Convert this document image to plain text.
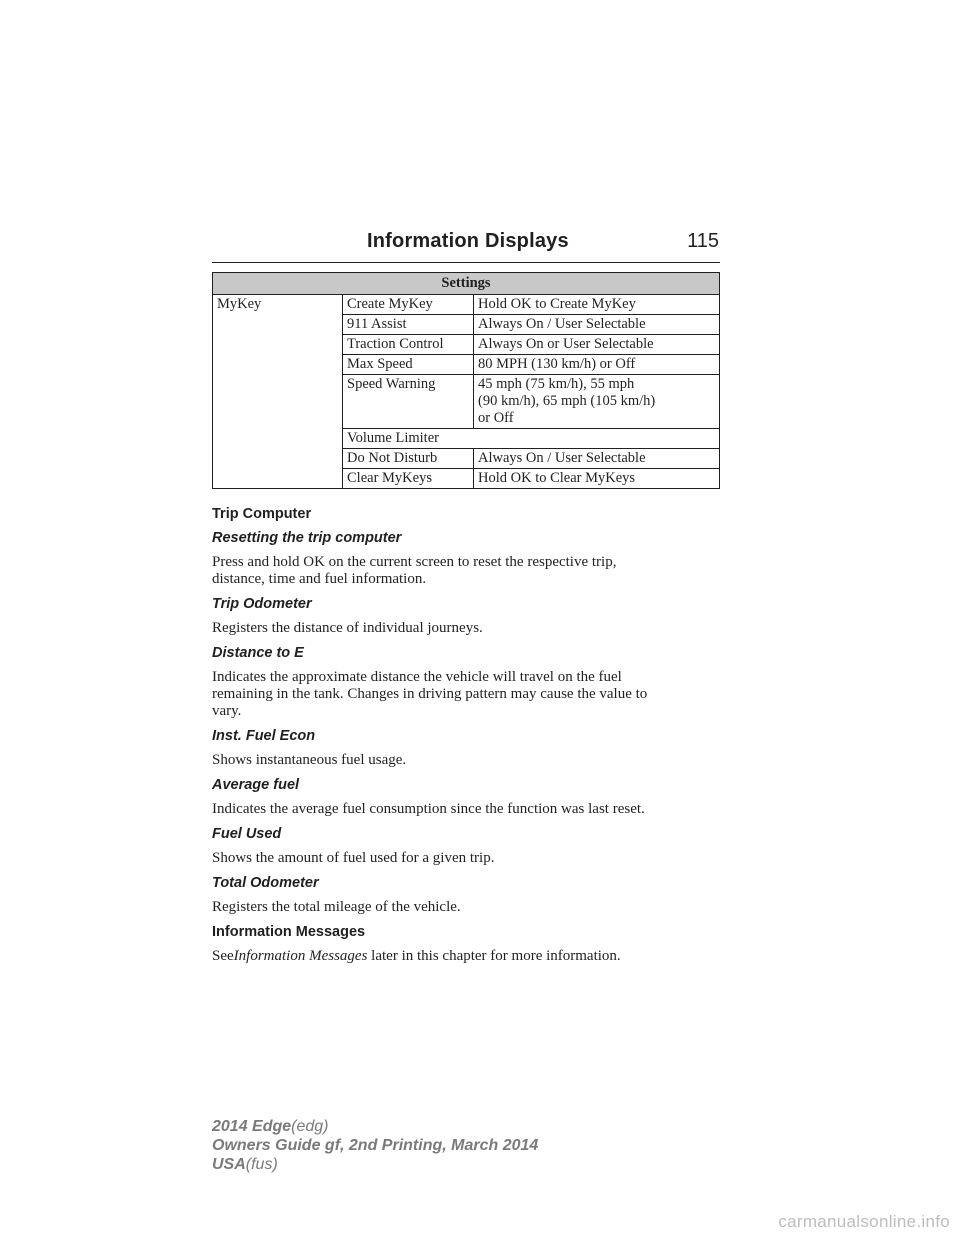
Information Displays	115
Settings		
MyKey	Create MyKey	Hold OK to Create MyKey
	911 Assist	Always On / User Selectable
	Traction Control	Always On or User Selectable
	Max Speed	80 MPH (130 km/h) or Off
	Speed Warning	45 mph (75 km/h), 55 mph
(90 km/h), 65 mph (105 km/h)
or Off

	Volume Limiter	
	Do Not Disturb	Always On / User Selectable
	Clear MyKeys	Hold OK to Clear MyKeys
Trip Computer
Resetting the trip computer
Press and hold OK on the current screen to reset the respective trip,
distance, time and fuel information.
Trip Odometer
Registers the distance of individual journeys.
Distance to E
Indicates the approximate distance the vehicle will travel on the fuel
remaining in the tank. Changes in driving pattern may cause the value to
vary.
Inst. Fuel Econ
Shows instantaneous fuel usage.
Average fuel
Indicates the average fuel consumption since the function was last reset.
Fuel Used
Shows the amount of fuel used for a given trip.
Total Odometer
Registers the total mileage of the vehicle.
Information Messages
SeeInformation Messages later in this chapter for more information.
2014 Edge(edg)
Owners Guide gf, 2nd Printing, March 2014
USA(fus)
carmanualsonline.info
